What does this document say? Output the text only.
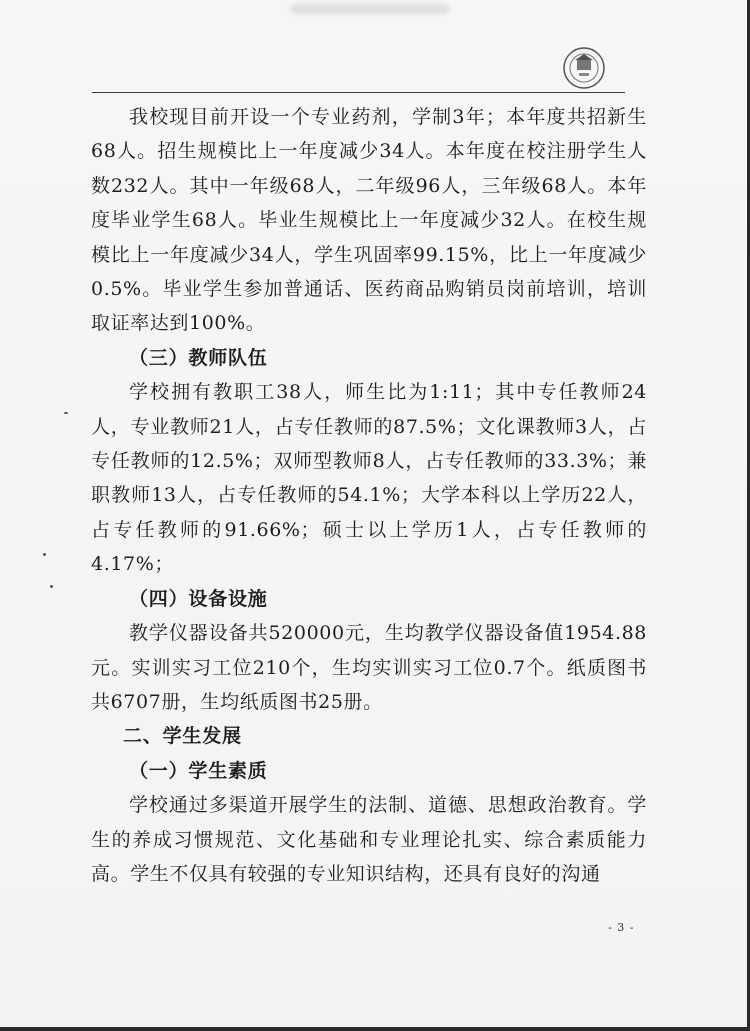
我校现目前开设一个专业药剂，学制3年；本年度共招新生68人。招生规模比上一年度减少34人。本年度在校注册学生人数232人。其中一年级68人，二年级96人，三年级68人。本年度毕业学生68人。毕业生规模比上一年度减少32人。在校生规模比上一年度减少34人，学生巩固率99.15%，比上一年度减少0.5%。毕业学生参加普通话、医药商品购销员岗前培训，培训取证率达到100%。

（三）教师队伍

学校拥有教职工38人，师生比为1:11；其中专任教师24人，专业教师21人，占专任教师的87.5%；文化课教师3人，占专任教师的12.5%；双师型教师8人，占专任教师的33.3%；兼职教师13人，占专任教师的54.1%；大学本科以上学历22人，占专任教师的91.66%；硕士以上学历1人，占专任教师的4.17%；

（四）设备设施

教学仪器设备共520000元，生均教学仪器设备值1954.88元。实训实习工位210个，生均实训实习工位0.7个。纸质图书共6707册，生均纸质图书25册。

二、学生发展

（一）学生素质

学校通过多渠道开展学生的法制、道德、思想政治教育。学生的养成习惯规范、文化基础和专业理论扎实、综合素质能力高。学生不仅具有较强的专业知识结构，还具有良好的沟通

- 3 -
